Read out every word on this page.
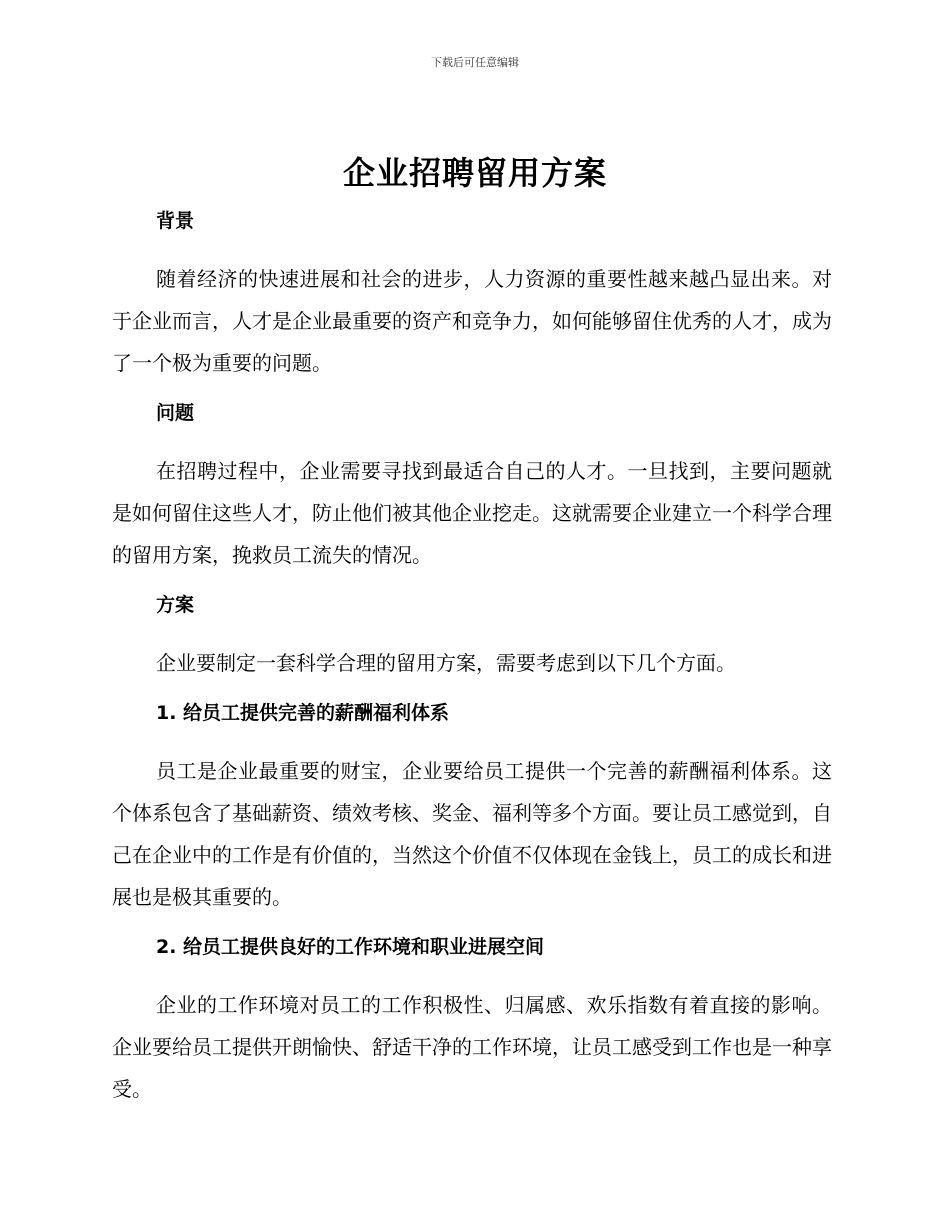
下载后可任意编辑
企业招聘留用方案
背景

随着经济的快速进展和社会的进步，人力资源的重要性越来越凸显出来。对于企业而言，人才是企业最重要的资产和竞争力，如何能够留住优秀的人才，成为了一个极为重要的问题。

问题

在招聘过程中，企业需要寻找到最适合自己的人才。一旦找到，主要问题就是如何留住这些人才，防止他们被其他企业挖走。这就需要企业建立一个科学合理的留用方案，挽救员工流失的情况。

方案

企业要制定一套科学合理的留用方案，需要考虑到以下几个方面。

1. 给员工提供完善的薪酬福利体系

员工是企业最重要的财宝，企业要给员工提供一个完善的薪酬福利体系。这个体系包含了基础薪资、绩效考核、奖金、福利等多个方面。要让员工感觉到，自己在企业中的工作是有价值的，当然这个价值不仅体现在金钱上，员工的成长和进展也是极其重要的。

2. 给员工提供良好的工作环境和职业进展空间

企业的工作环境对员工的工作积极性、归属感、欢乐指数有着直接的影响。企业要给员工提供开朗愉快、舒适干净的工作环境，让员工感受到工作也是一种享受。
